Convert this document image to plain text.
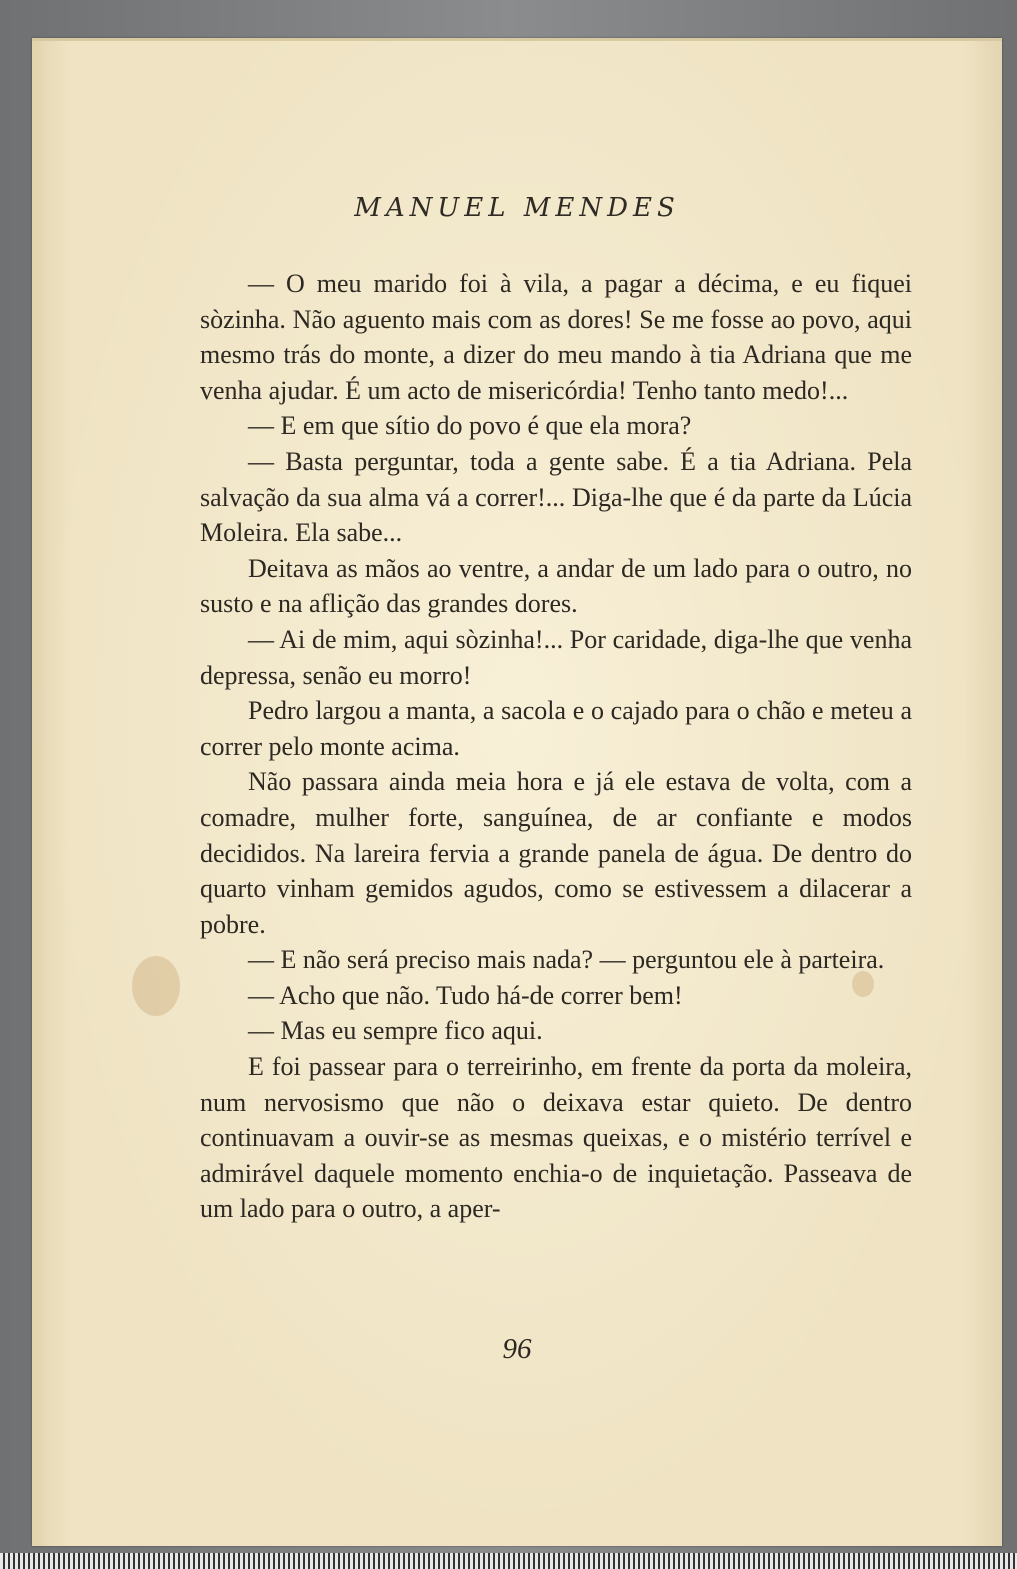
MANUEL MENDES

— O meu marido foi à vila, a pagar a décima, e eu fiquei sòzinha. Não aguento mais com as dores! Se me fosse ao povo, aqui mesmo trás do monte, a dizer do meu mando à tia Adriana que me venha ajudar. É um acto de misericórdia! Tenho tanto medo!...

— E em que sítio do povo é que ela mora?

— Basta perguntar, toda a gente sabe. É a tia Adriana. Pela salvação da sua alma vá a correr!... Diga-lhe que é da parte da Lúcia Moleira. Ela sabe...

Deitava as mãos ao ventre, a andar de um lado para o outro, no susto e na aflição das grandes dores.

— Ai de mim, aqui sòzinha!... Por caridade, diga-lhe que venha depressa, senão eu morro!

Pedro largou a manta, a sacola e o cajado para o chão e meteu a correr pelo monte acima.

Não passara ainda meia hora e já ele estava de volta, com a comadre, mulher forte, sanguínea, de ar confiante e modos decididos. Na lareira fervia a grande panela de água. De dentro do quarto vinham gemidos agudos, como se estivessem a dilacerar a pobre.

— E não será preciso mais nada? — perguntou ele à parteira.

— Acho que não. Tudo há-de correr bem!

— Mas eu sempre fico aqui.

E foi passear para o terreirinho, em frente da porta da moleira, num nervosismo que não o deixava estar quieto. De dentro continuavam a ouvir-se as mesmas queixas, e o mistério terrível e admirável daquele momento enchia-o de inquietação. Passeava de um lado para o outro, a aper-

96
